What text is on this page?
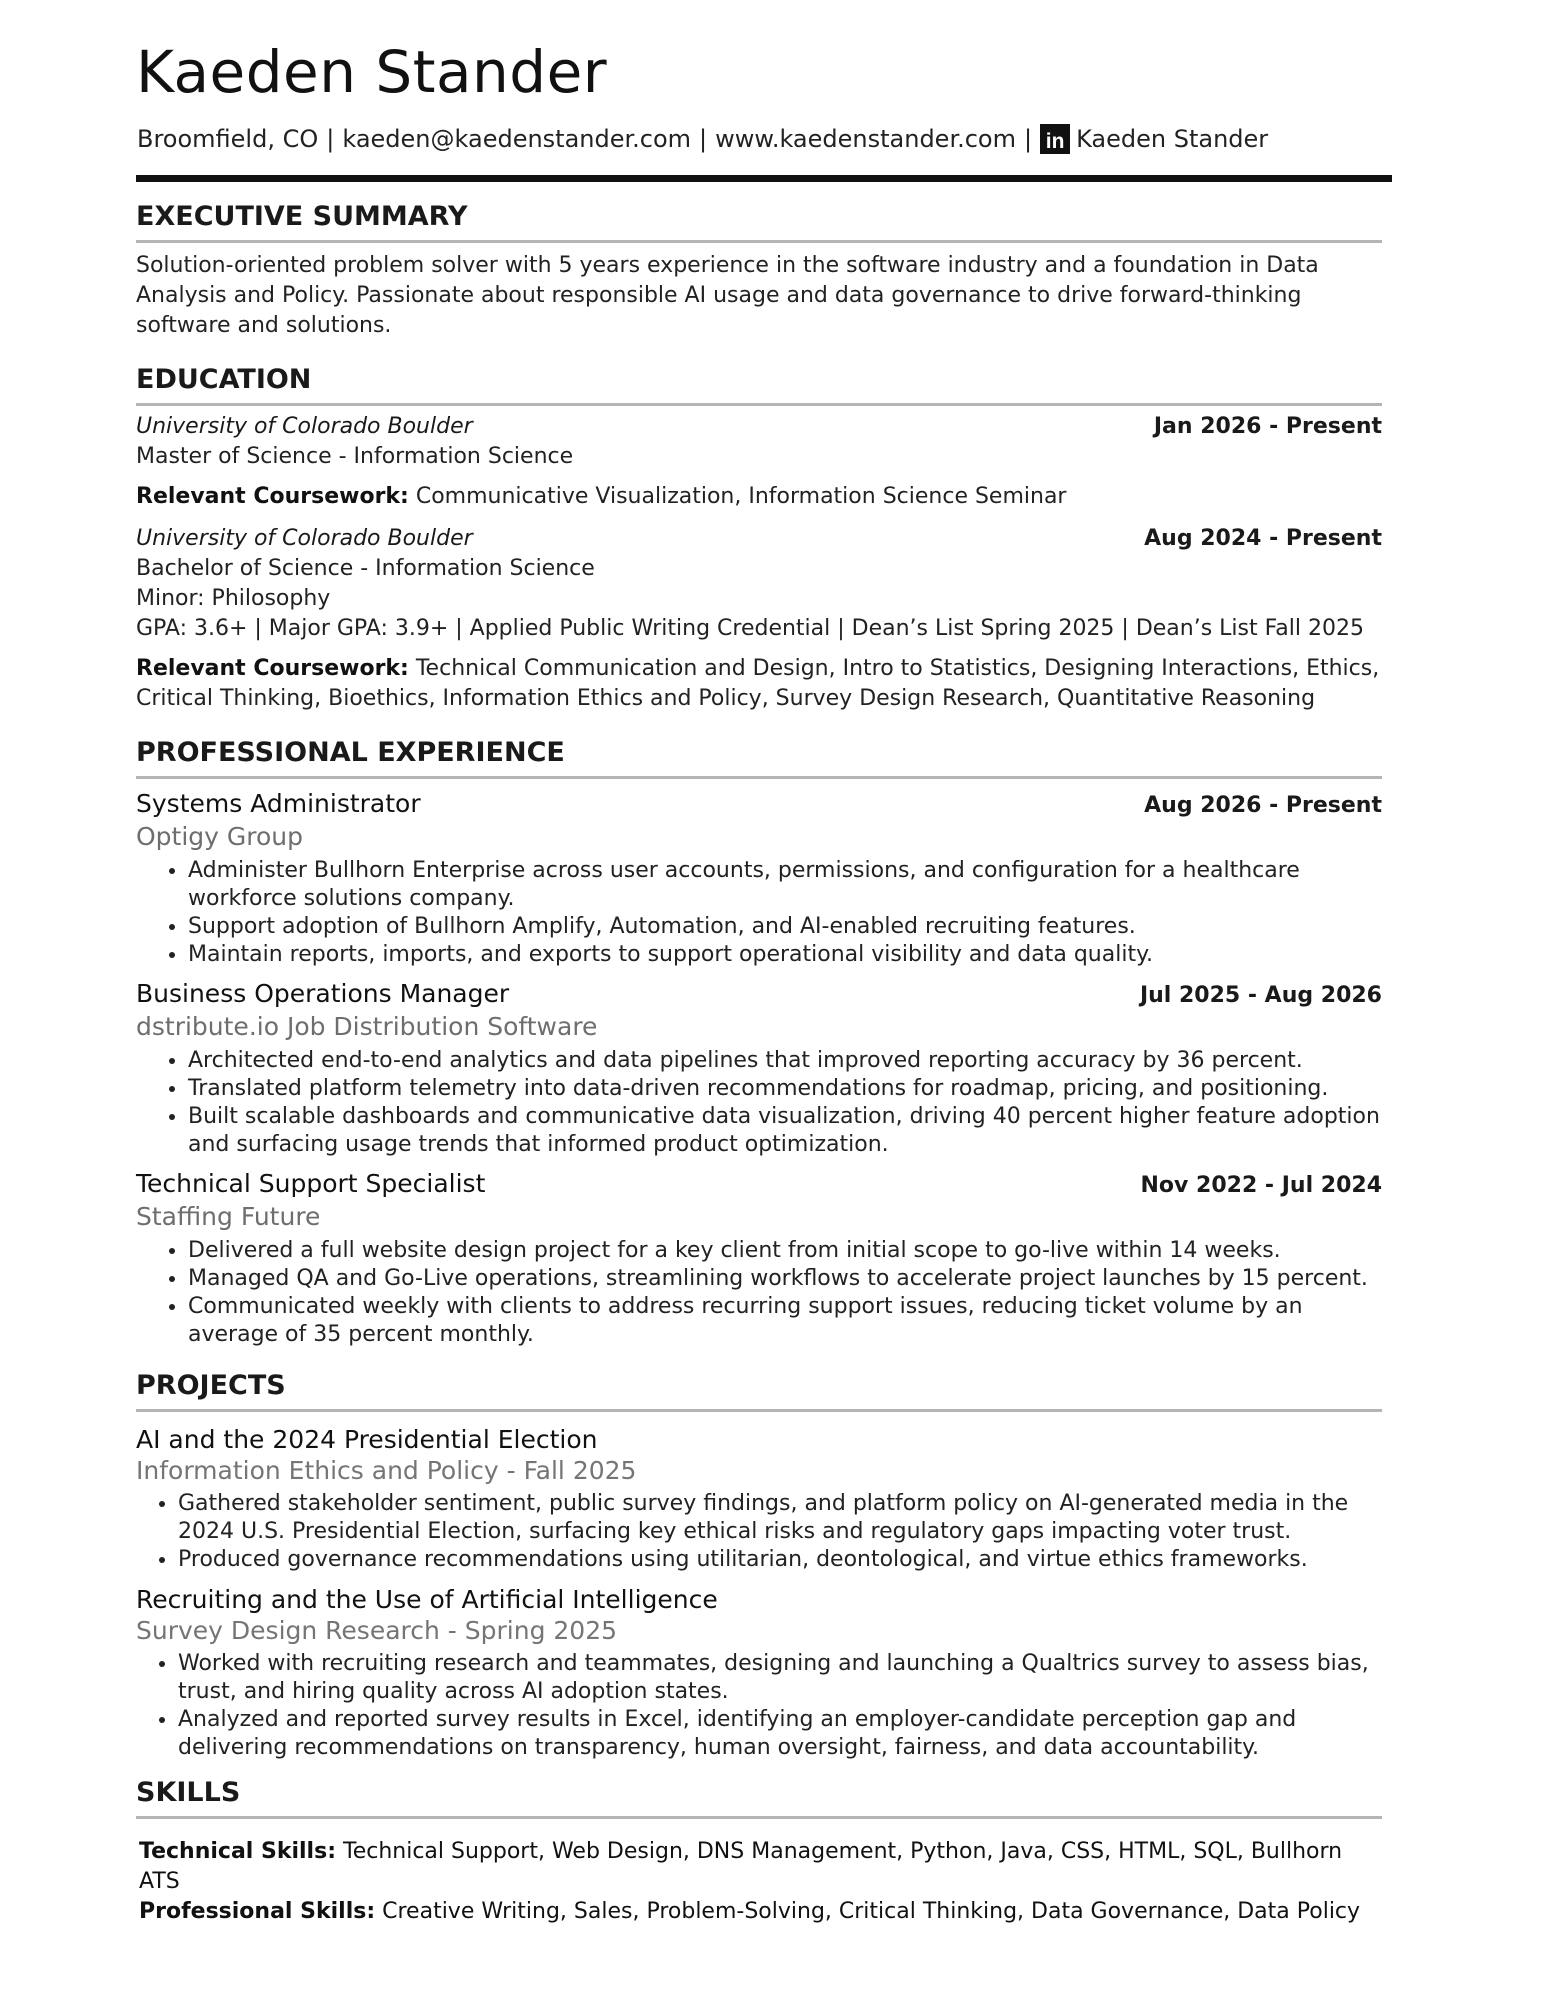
Kaeden Stander
Broomfield, CO | kaeden@kaedenstander.com | www.kaedenstander.com | in Kaeden Stander
EXECUTIVE SUMMARY
Solution-oriented problem solver with 5 years experience in the software industry and a foundation in Data Analysis and Policy. Passionate about responsible AI usage and data governance to drive forward-thinking software and solutions.
EDUCATION
University of Colorado Boulder	Jan 2026 - Present
Master of Science - Information Science
Relevant Coursework: Communicative Visualization, Information Science Seminar
University of Colorado Boulder	Aug 2024 - Present
Bachelor of Science - Information Science
Minor: Philosophy
GPA: 3.6+ | Major GPA: 3.9+ | Applied Public Writing Credential | Dean’s List Spring 2025 | Dean’s List Fall 2025
Relevant Coursework: Technical Communication and Design, Intro to Statistics, Designing Interactions, Ethics, Critical Thinking, Bioethics, Information Ethics and Policy, Survey Design Research, Quantitative Reasoning
PROFESSIONAL EXPERIENCE
Systems Administrator	Aug 2026 - Present
Optigy Group
• Administer Bullhorn Enterprise across user accounts, permissions, and configuration for a healthcare workforce solutions company.
• Support adoption of Bullhorn Amplify, Automation, and AI-enabled recruiting features.
• Maintain reports, imports, and exports to support operational visibility and data quality.
Business Operations Manager	Jul 2025 - Aug 2026
dstribute.io Job Distribution Software
• Architected end-to-end analytics and data pipelines that improved reporting accuracy by 36 percent.
• Translated platform telemetry into data-driven recommendations for roadmap, pricing, and positioning.
• Built scalable dashboards and communicative data visualization, driving 40 percent higher feature adoption and surfacing usage trends that informed product optimization.
Technical Support Specialist	Nov 2022 - Jul 2024
Staffing Future
• Delivered a full website design project for a key client from initial scope to go-live within 14 weeks.
• Managed QA and Go-Live operations, streamlining workflows to accelerate project launches by 15 percent.
• Communicated weekly with clients to address recurring support issues, reducing ticket volume by an average of 35 percent monthly.
PROJECTS
AI and the 2024 Presidential Election
Information Ethics and Policy - Fall 2025
• Gathered stakeholder sentiment, public survey findings, and platform policy on AI-generated media in the 2024 U.S. Presidential Election, surfacing key ethical risks and regulatory gaps impacting voter trust.
• Produced governance recommendations using utilitarian, deontological, and virtue ethics frameworks.
Recruiting and the Use of Artificial Intelligence
Survey Design Research - Spring 2025
• Worked with recruiting research and teammates, designing and launching a Qualtrics survey to assess bias, trust, and hiring quality across AI adoption states.
• Analyzed and reported survey results in Excel, identifying an employer-candidate perception gap and delivering recommendations on transparency, human oversight, fairness, and data accountability.
SKILLS
Technical Skills: Technical Support, Web Design, DNS Management, Python, Java, CSS, HTML, SQL, Bullhorn ATS
Professional Skills: Creative Writing, Sales, Problem-Solving, Critical Thinking, Data Governance, Data Policy
